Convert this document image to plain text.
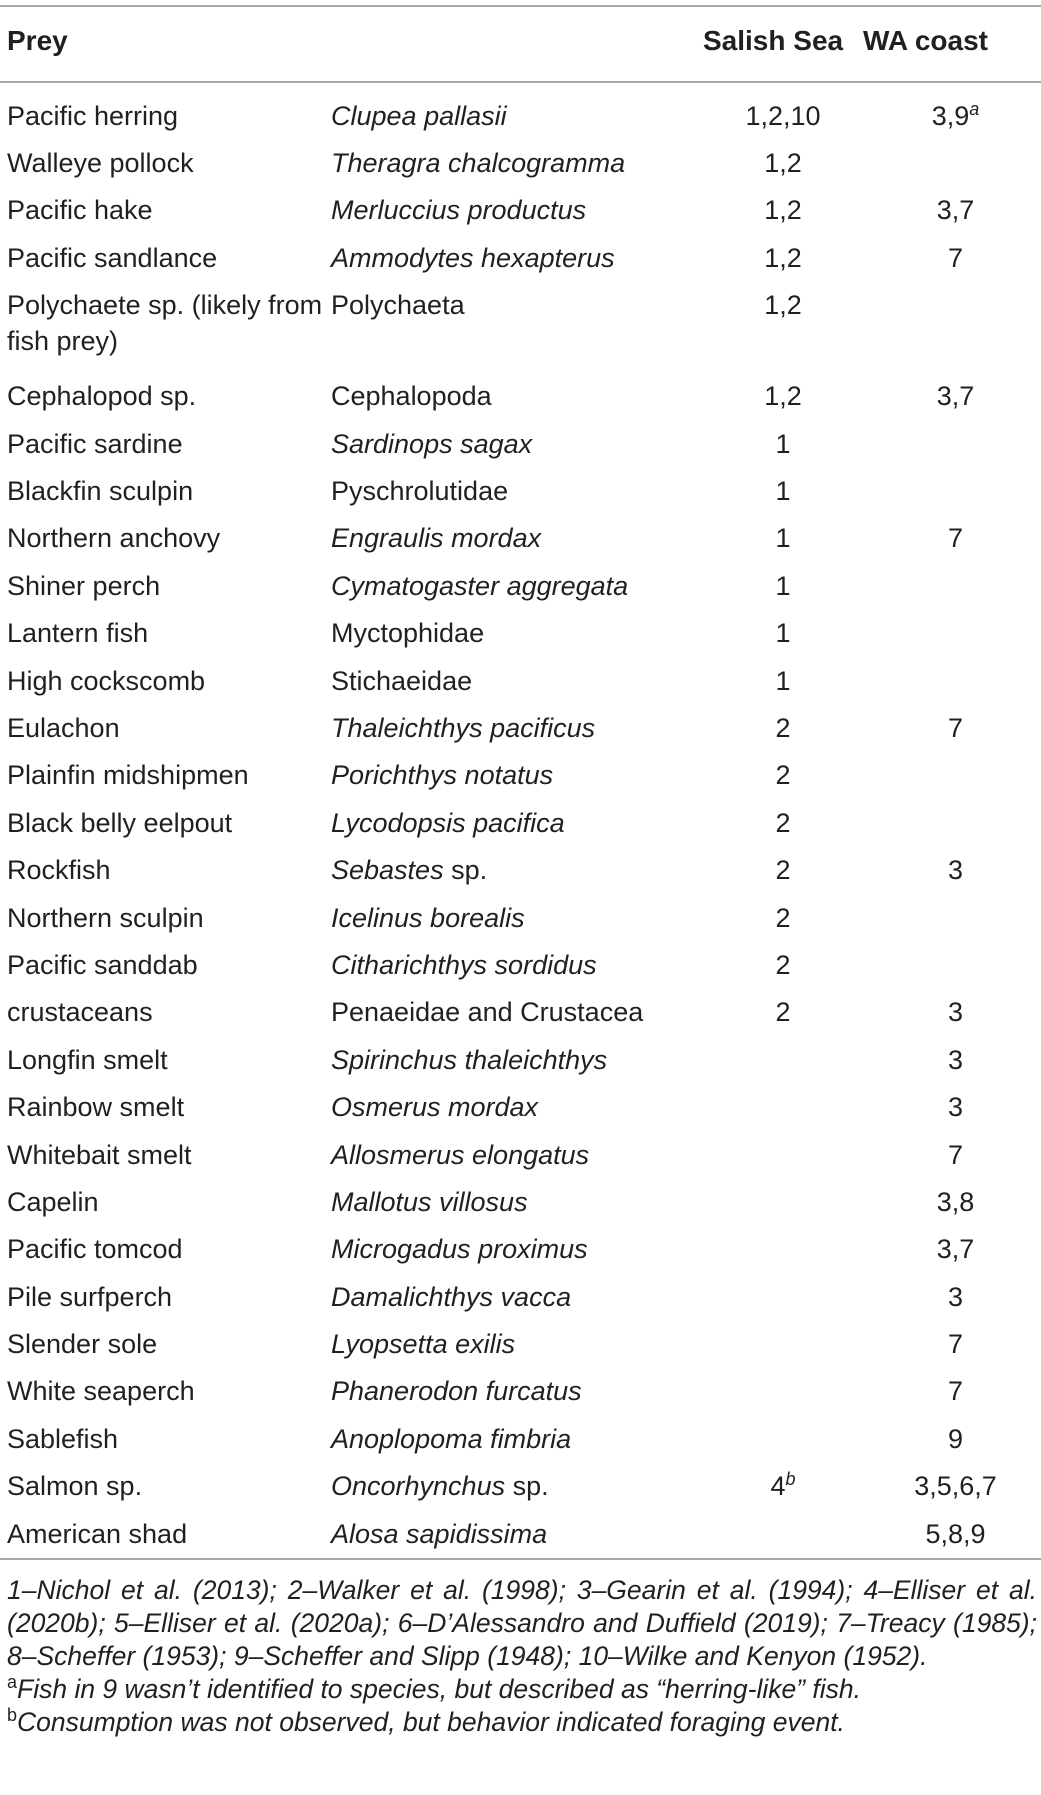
Prey		Salish Sea	WA coast
Pacific herring	Clupea pallasii	1,2,10	3,9$^a$
Walleye pollock	Theragra chalcogramma	1,2	
Pacific hake	Merluccius productus	1,2	3,7
Pacific sandlance	Ammodytes hexapterus	1,2	7
Polychaete sp. (likely from fish prey)	Polychaeta	1,2	
Cephalopod sp.	Cephalopoda	1,2	3,7
Pacific sardine	Sardinops sagax	1	
Blackfin sculpin	Pyschrolutidae	1	
Northern anchovy	Engraulis mordax	1	7
Shiner perch	Cymatogaster aggregata	1	
Lantern fish	Myctophidae	1	
High cockscomb	Stichaeidae	1	
Eulachon	Thaleichthys pacificus	2	7
Plainfin midshipmen	Porichthys notatus	2	
Black belly eelpout	Lycodopsis pacifica	2	
Rockfish	Sebastes sp.	2	3
Northern sculpin	Icelinus borealis	2	
Pacific sanddab	Citharichthys sordidus	2	
crustaceans	Penaeidae and Crustacea	2	3
Longfin smelt	Spirinchus thaleichthys		3
Rainbow smelt	Osmerus mordax		3
Whitebait smelt	Allosmerus elongatus		7
Capelin	Mallotus villosus		3,8
Pacific tomcod	Microgadus proximus		3,7
Pile surfperch	Damalichthys vacca		3
Slender sole	Lyopsetta exilis		7
White seaperch	Phanerodon furcatus		7
Sablefish	Anoplopoma fimbria		9
Salmon sp.	Oncorhynchus sp.	4$^b$	3,5,6,7
American shad	Alosa sapidissima		5,8,9
1–Nichol et al. (2013); 2–Walker et al. (1998); 3–Gearin et al. (1994); 4–Elliser et al. (2020b); 5–Elliser et al. (2020a); 6–D’Alessandro and Duffield (2019); 7–Treacy (1985); 8–Scheffer (1953); 9–Scheffer and Slipp (1948); 10–Wilke and Kenyon (1952).
$^a$Fish in 9 wasn’t identified to species, but described as “herring-like” fish.
$^b$Consumption was not observed, but behavior indicated foraging event.
